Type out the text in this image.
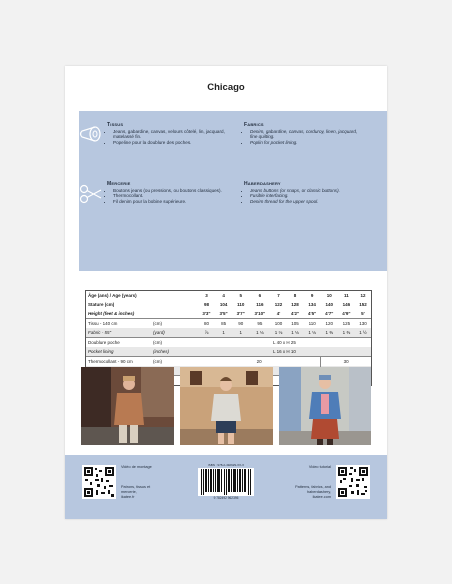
Chicago
Tissus
• Jeans, gabardine, canvas, velours côtelé, lin, jacquard, matelassé fin.
• Popeline pour la doublure des poches.
Fabrics
• Denim, gabardine, canvas, corduroy, linen, jacquard, fine quilting.
• Poplin for pocket lining.
Mercerie
• Boutons jeans (ou pressions, ou boutons classiques).
• Thermocollant.
• Fil denim pour la bobine supérieure.
Haberdashery
• Jeans buttons (or snaps, or classic buttons).
• Fusible interfacing.
• Denim thread for the upper spool.
Âge (ans) / Age (years)		3	4	5	6	7	8	9	10	11	12
Stature (cm)		98	104	110	116	122	128	134	140	146	152
Height (feet & inches)		3'3"	3'5"	3'7"	3'10"	4'	4'2"	4'5"	4'7"	4'9"	5'
Tissu - 140 cm	(cm)	80	85	90	95	100	105	110	120	125	130
Fabric - 55"	(yard)	⅞	1	1	1 ⅛	1 ⅛	1 ⅛	1 ⅛	1 ⅜	1 ⅜	1 ½
Doublure poche	(cm)	L 40 x H 25									
Pocket lining	(inches)	L 16 x H 10									
Thermocollant - 90 cm	(cm)	20							30		

Vidéo de montage
Patrons, tissus et mercerie,
ikatee.fr
ISBN : 978-2-492629-XX-X
9 782492 962395
Video tutorial
Patterns, fabrics, and haberdashery,
ikatee.com
